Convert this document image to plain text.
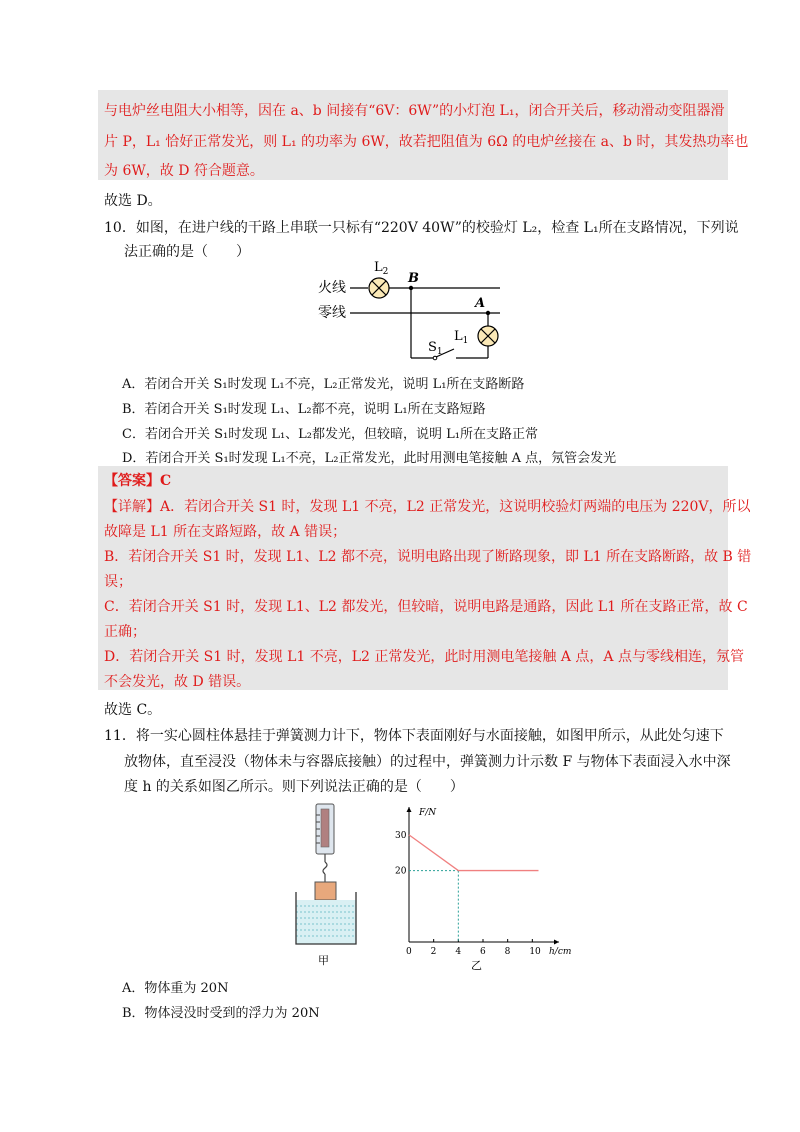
与电炉丝电阻大小相等，因在 a、b 间接有“6V：6W”的小灯泡 L₁，闭合开关后，移动滑动变阻器滑
片 P，L₁ 恰好正常发光，则 L₁ 的功率为 6W，故若把阻值为 6Ω 的电炉丝接在 a、b 时，其发热功率也
为 6W，故 D 符合题意。
故选 D。
10．如图，在进户线的干路上串联一只标有“220V 40W”的校验灯 L₂，检查 L₁所在支路情况，下列说
法正确的是（　　）
火线
零线
$L_2$ B
$S_1$
$L_1$
A
A．若闭合开关 S₁时发现 L₁不亮，L₂正常发光，说明 L₁所在支路断路
B．若闭合开关 S₁时发现 L₁、L₂都不亮，说明 L₁所在支路短路
C．若闭合开关 S₁时发现 L₁、L₂都发光，但较暗，说明 L₁所在支路正常
D．若闭合开关 S₁时发现 L₁不亮，L₂正常发光，此时用测电笔接触 A 点，氖管会发光
【答案】C
【详解】A．若闭合开关 S1 时，发现 L1 不亮，L2 正常发光，这说明校验灯两端的电压为 220V，所以
故障是 L1 所在支路短路，故 A 错误；
B．若闭合开关 S1 时，发现 L1、L2 都不亮，说明电路出现了断路现象，即 L1 所在支路断路，故 B 错
误；
C．若闭合开关 S1 时，发现 L1、L2 都发光，但较暗，说明电路是通路，因此 L1 所在支路正常，故 C
正确；
D．若闭合开关 S1 时，发现 L1 不亮，L2 正常发光，此时用测电笔接触 A 点，A 点与零线相连，氖管
不会发光，故 D 错误。
故选 C。
11．将一实心圆柱体悬挂于弹簧测力计下，物体下表面刚好与水面接触，如图甲所示，从此处匀速下
放物体，直至浸没（物体未与容器底接触）的过程中，弹簧测力计示数 F 与物体下表面浸入水中深
度 h 的关系如图乙所示。则下列说法正确的是（　　）
甲
F/N
h/cm
0 2 4 6 8 10
20
30
乙
A．物体重为 20N
B．物体浸没时受到的浮力为 20N
